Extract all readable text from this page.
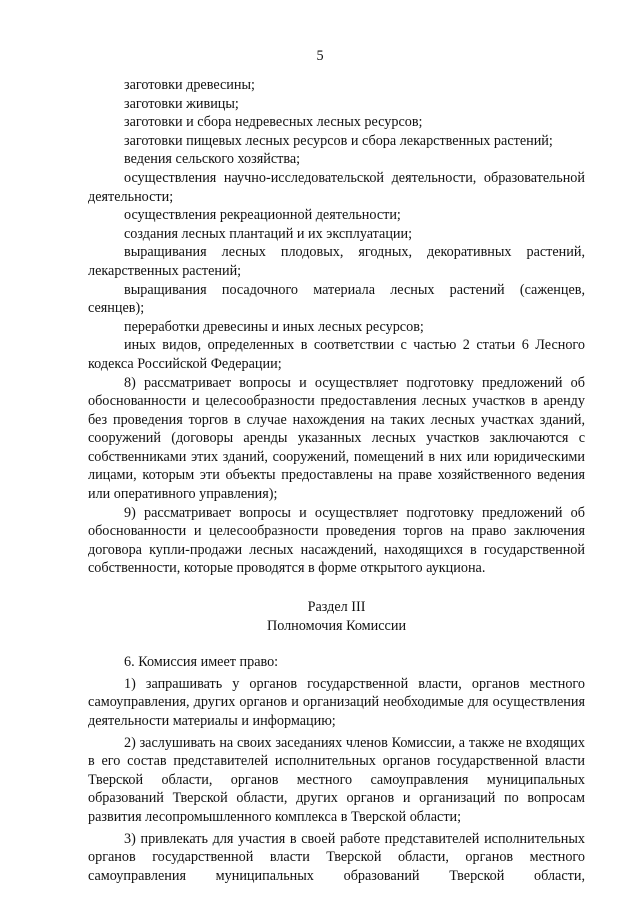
5

заготовки древесины;

заготовки живицы;

заготовки и сбора недревесных лесных ресурсов;

заготовки пищевых лесных ресурсов и сбора лекарственных растений;

ведения сельского хозяйства;

осуществления научно-исследовательской деятельности, образовательной деятельности;

осуществления рекреационной деятельности;

создания лесных плантаций и их эксплуатации;

выращивания лесных плодовых, ягодных, декоративных растений, лекарственных растений;

выращивания посадочного материала лесных растений (саженцев, сеянцев);

переработки древесины и иных лесных ресурсов;

иных видов, определенных в соответствии с частью 2 статьи 6 Лесного кодекса Российской Федерации;

8) рассматривает вопросы и осуществляет подготовку предложений об обоснованности и целесообразности предоставления лесных участков в аренду без проведения торгов в случае нахождения на таких лесных участках зданий, сооружений (договоры аренды указанных лесных участков заключаются с собственниками этих зданий, сооружений, помещений в них или юридическими лицами, которым эти объекты предоставлены на праве хозяйственного ведения или оперативного управления);

9) рассматривает вопросы и осуществляет подготовку предложений об обоснованности и целесообразности проведения торгов на право заключения договора купли-продажи лесных насаждений, находящихся в государственной собственности, которые проводятся в форме открытого аукциона.

Раздел III

Полномочия Комиссии

6. Комиссия имеет право:

1) запрашивать у органов государственной власти, органов местного самоуправления, других органов и организаций необходимые для осуществления деятельности материалы и информацию;

2) заслушивать на своих заседаниях членов Комиссии, а также не входящих в его состав представителей исполнительных органов государственной власти Тверской области, органов местного самоуправления муниципальных образований Тверской области, других органов и организаций по вопросам развития лесопромышленного комплекса в Тверской области;

3) привлекать для участия в своей работе представителей исполнительных органов государственной власти Тверской области, органов местного самоуправления муниципальных образований Тверской области,
